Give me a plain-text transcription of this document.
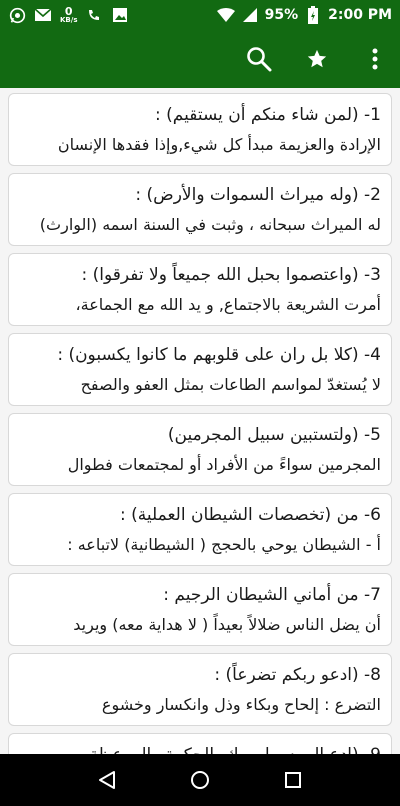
0
KB/s	95% 2:00 PM
1- (لمن شاء منكم أن يستقيم) :
الإرادة والعزيمة مبدأ كل شيء,وإذا فقدها الإنسان
2- (وله ميراث السموات والأرض) :
له الميراث سبحانه ، وثبت في السنة اسمه (الوارث)
3- (واعتصموا بحبل الله جميعاً ولا تفرقوا) :
أمرت الشريعة بالاجتماع, و يد الله مع الجماعة،
4- (كلا بل ران على قلوبهم ما كانوا يكسبون) :
لا يُستغدّ لمواسم الطاعات بمثل العفو والصفح
5- (ولتستبين سبيل المجرمين)
المجرمين سواءً من الأفراد أو لمجتمعات فطوال
6- من (تخصصات الشيطان العملية) :
أ - الشيطان يوحي بالحجج ( الشيطانية) لاتباعه :
7- من أماني الشيطان الرجيم :
أن يضل الناس ضلالاً بعيداً ( لا هداية معه) ويريد
8- (ادعو ربكم تضرعاً) :
التضرع : إلحاح وبكاء وذل وانكسار وخشوع
